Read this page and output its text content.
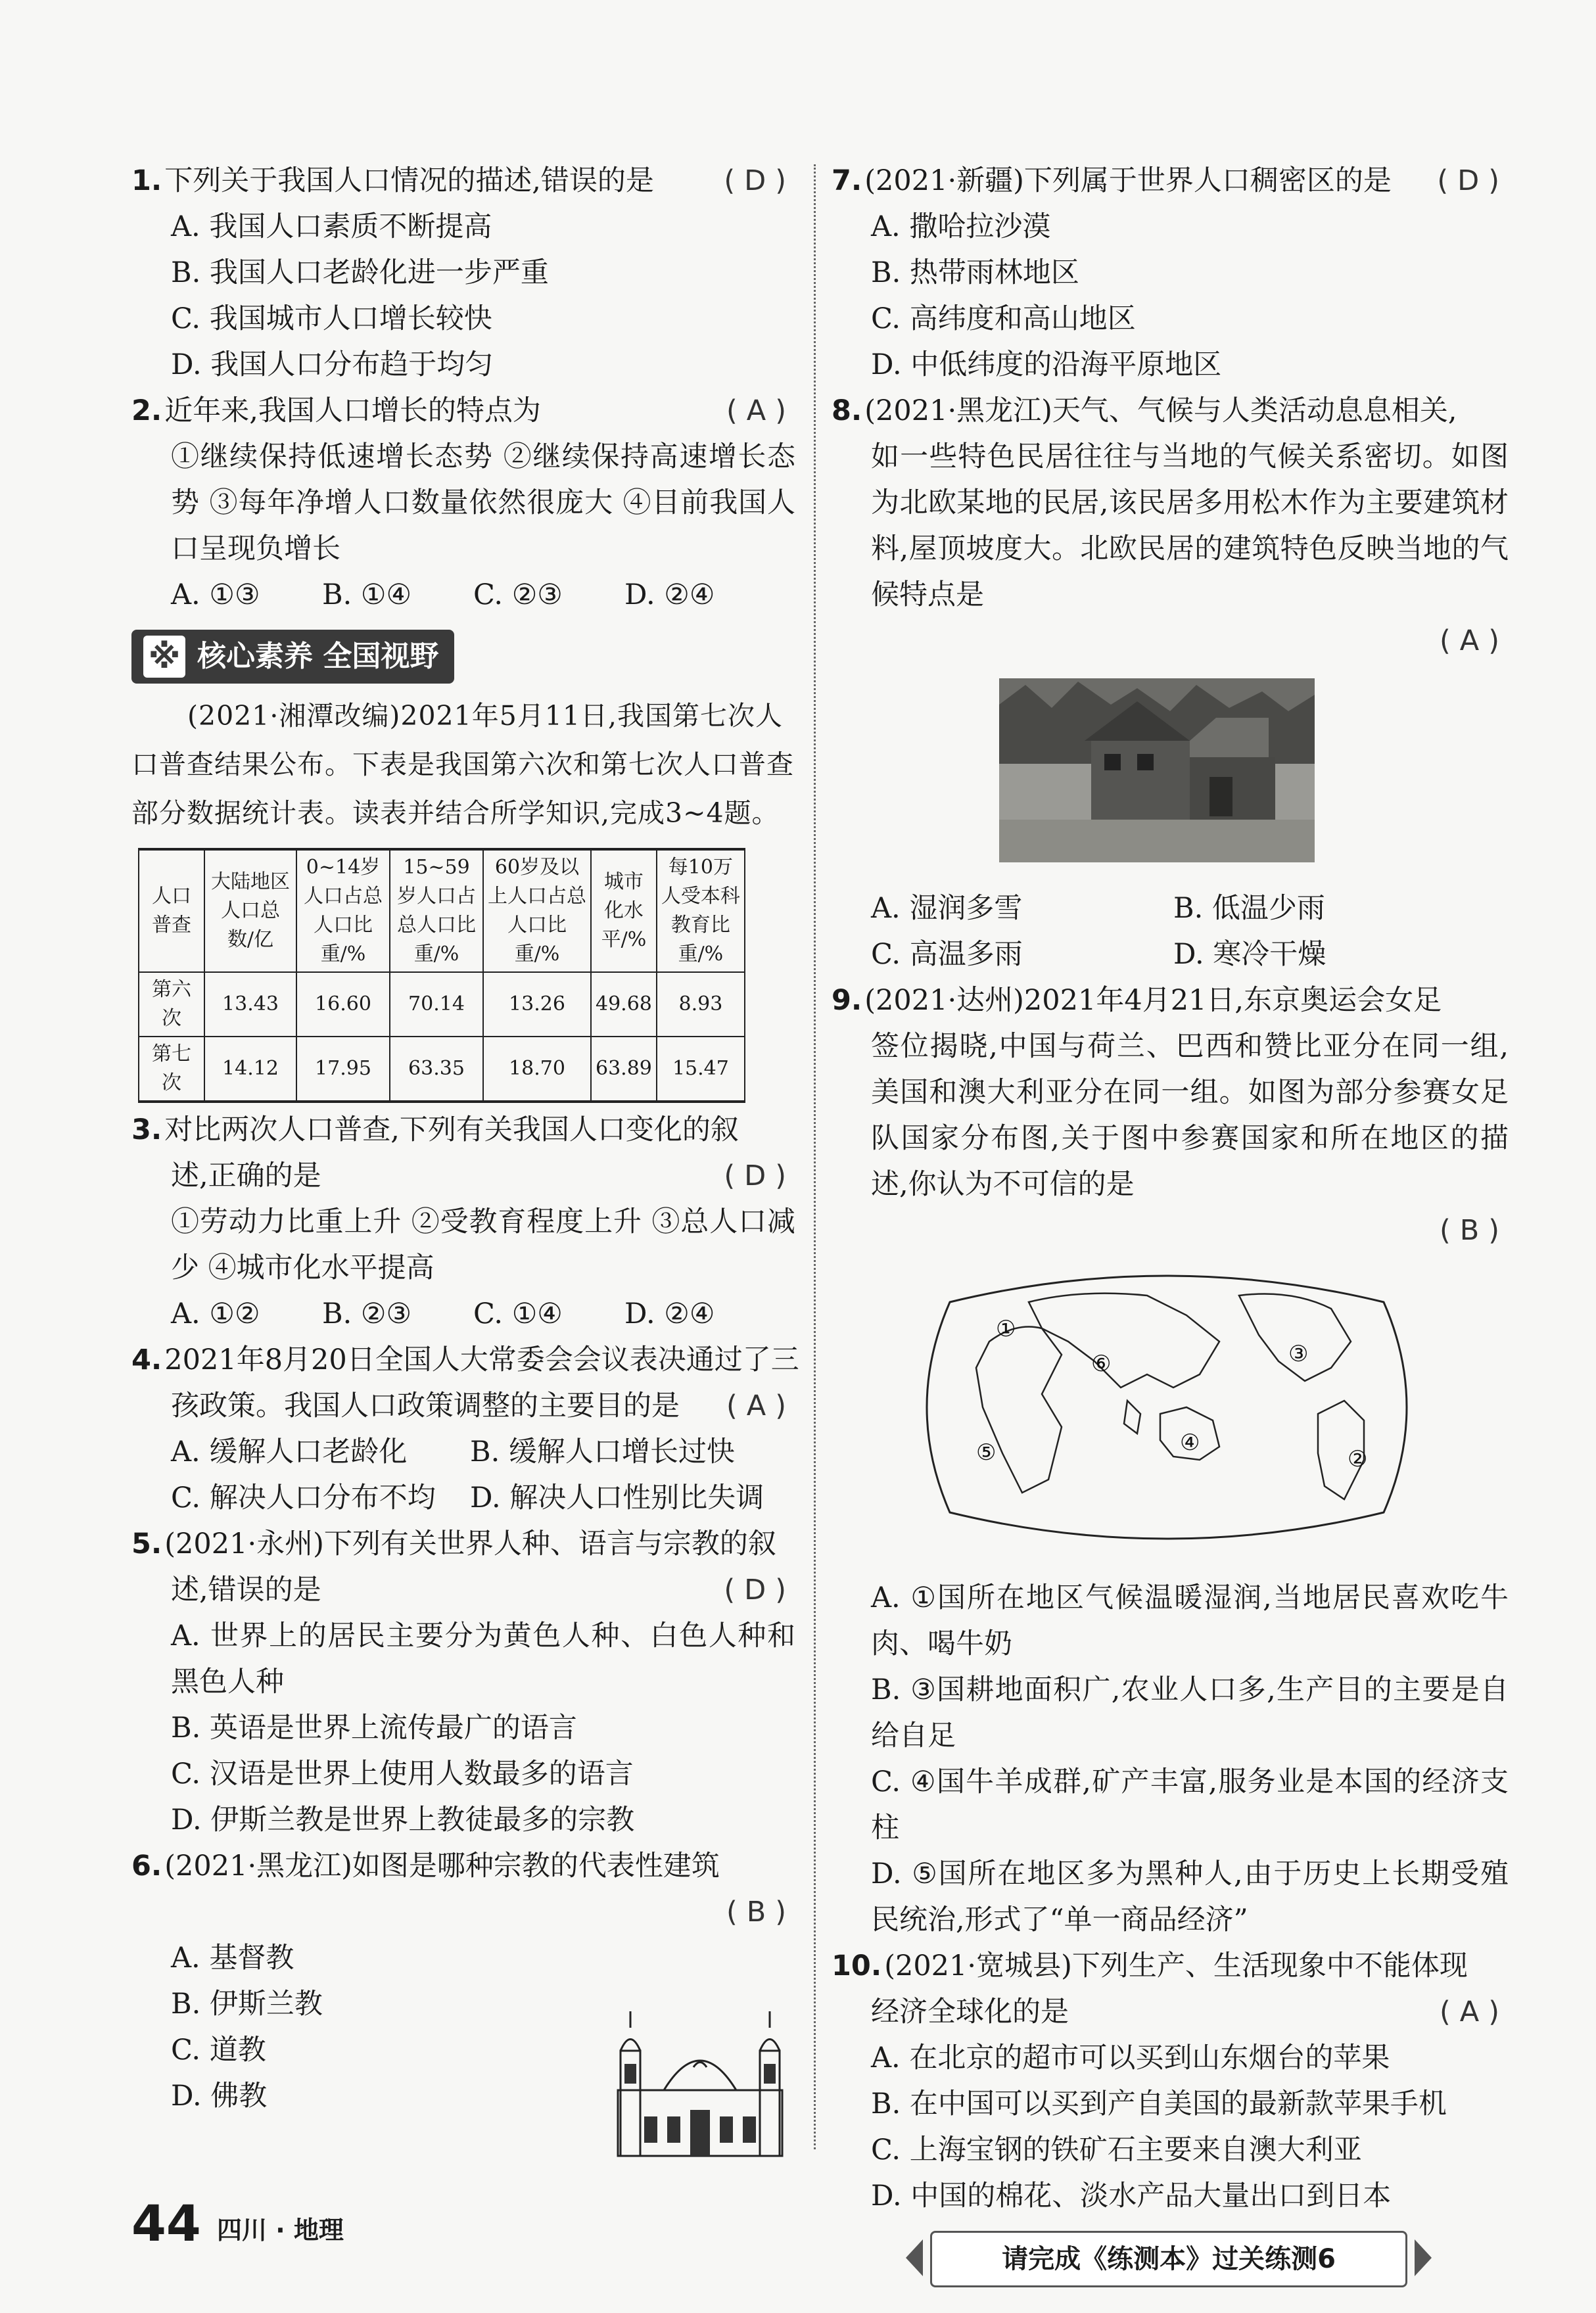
1.下列关于我国人口情况的描述,错误的是 (D)
A. 我国人口素质不断提高
B. 我国人口老龄化进一步严重
C. 我国城市人口增长较快
D. 我国人口分布趋于均匀
2.近年来,我国人口增长的特点为	(A)
①继续保持低速增长态势 ②继续保持高速增长态势 ③每年净增人口数量依然很庞大 ④目前我国人口呈现负增长
A. ①③	B. ①④	C. ②③	D. ②④
※ 核心素养 全国视野
(2021·湘潭改编)2021年5月11日,我国第七次人口普查结果公布。下表是我国第六次和第七次人口普查部分数据统计表。读表并结合所学知识,完成3~4题。
人口普查	大陆地区人口总数/亿	0~14岁人口占总人口比重/%	15~59岁人口占总人口比重/%	60岁及以上人口占总人口比重/%	城市化水平/%	每10万人受本科教育比重/%
第六次	13.43	16.60	70.14	13.26	49.68	8.93
第七次	14.12	17.95	63.35	18.70	63.89	15.47
3.对比两次人口普查,下列有关我国人口变化的叙
述,正确的是	(D)
①劳动力比重上升 ②受教育程度上升 ③总人口减少 ④城市化水平提高
A. ①②	B. ②③	C. ①④	D. ②④
4.2021年8月20日全国人大常委会会议表决通过了三
孩政策。我国人口政策调整的主要目的是 (A)
A. 缓解人口老龄化	B. 缓解人口增长过快
C. 解决人口分布不均	D. 解决人口性别比失调
5.(2021·永州)下列有关世界人种、语言与宗教的叙
述,错误的是	(D)
A. 世界上的居民主要分为黄色人种、白色人种和黑色人种
B. 英语是世界上流传最广的语言
C. 汉语是世界上使用人数最多的语言
D. 伊斯兰教是世界上教徒最多的宗教
6.(2021·黑龙江)如图是哪种宗教的代表性建筑
(B)
A. 基督教
B. 伊斯兰教
C. 道教
D. 佛教
7.(2021·新疆)下列属于世界人口稠密区的是 (D)
A. 撒哈拉沙漠
B. 热带雨林地区
C. 高纬度和高山地区
D. 中低纬度的沿海平原地区
8.(2021·黑龙江)天气、气候与人类活动息息相关,
如一些特色民居往往与当地的气候关系密切。如图为北欧某地的民居,该民居多用松木作为主要建筑材料,屋顶坡度大。北欧民居的建筑特色反映当地的气候特点是
(A)
A. 湿润多雪	B. 低温少雨
C. 高温多雨	D. 寒冷干燥
9.(2021·达州)2021年4月21日,东京奥运会女足
签位揭晓,中国与荷兰、巴西和赞比亚分在同一组,美国和澳大利亚分在同一组。如图为部分参赛女足队国家分布图,关于图中参赛国家和所在地区的描述,你认为不可信的是
(B)
①
②
③
④
⑤
⑥
A. ①国所在地区气候温暖湿润,当地居民喜欢吃牛肉、喝牛奶
B. ③国耕地面积广,农业人口多,生产目的主要是自给自足
C. ④国牛羊成群,矿产丰富,服务业是本国的经济支柱
D. ⑤国所在地区多为黑种人,由于历史上长期受殖民统治,形式了“单一商品经济”
10.(2021·宽城县)下列生产、生活现象中不能体现
经济全球化的是	(A)
A. 在北京的超市可以买到山东烟台的苹果
B. 在中国可以买到产自美国的最新款苹果手机
C. 上海宝钢的铁矿石主要来自澳大利亚
D. 中国的棉花、淡水产品大量出口到日本
请完成《练测本》过关练测6
44 四川 · 地理
